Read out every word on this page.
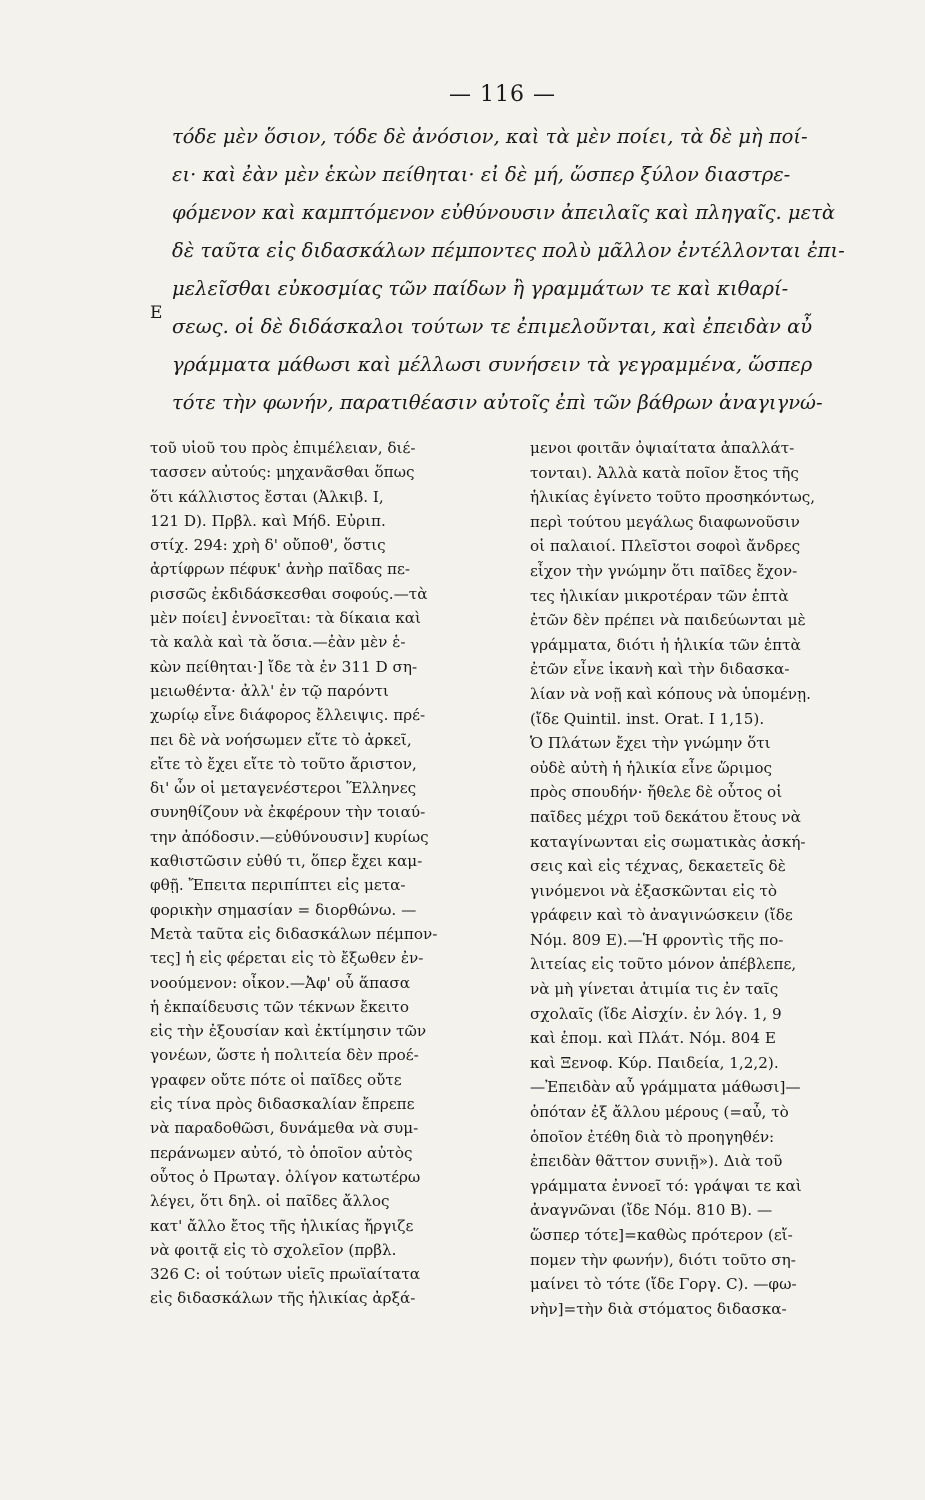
— 116 —
E
τόδε μὲν ὅσιον, τόδε δὲ ἀνόσιον, καὶ τὰ μὲν ποίει, τὰ δὲ μὴ ποί-
ει· καὶ ἐὰν μὲν ἑκὼν πείθηται· εἰ δὲ μή, ὥσπερ ξύλον διαστρε-
φόμενον καὶ καμπτόμενον εὐθύνουσιν ἀπειλαῖς καὶ πληγαῖς. μετὰ
δὲ ταῦτα εἰς διδασκάλων πέμποντες πολὺ μᾶλλον ἐντέλλονται ἐπι-
μελεῖσθαι εὐκοσμίας τῶν παίδων ἢ γραμμάτων τε καὶ κιθαρί-
σεως. οἱ δὲ διδάσκαλοι τούτων τε ἐπιμελοῦνται, καὶ ἐπειδὰν αὖ
γράμματα μάθωσι καὶ μέλλωσι συνήσειν τὰ γεγραμμένα, ὥσπερ
τότε τὴν φωνήν, παρατιθέασιν αὐτοῖς ἐπὶ τῶν βάθρων ἀναγιγνώ-
τοῦ υἱοῦ του πρὸς ἐπιμέλειαν, διέ-
τασσεν αὐτούς: μηχανᾶσθαι ὅπως
ὅτι κάλλιστος ἔσται (Ἀλκιβ. I,
121 D). Πρβλ. καὶ Μήδ. Εὐριπ.
στίχ. 294: χρὴ δ' οὔποθ', ὅστις
ἀρτίφρων πέφυκ' ἀνὴρ παῖδας πε-
ρισσῶς ἐκδιδάσκεσθαι σοφούς.—τὰ
μὲν ποίει] ἐννοεῖται: τὰ δίκαια καὶ
τὰ καλὰ καὶ τὰ ὅσια.—ἐὰν μὲν ἑ-
κὼν πείθηται·] ἴδε τὰ ἐν 311 D ση-
μειωθέντα· ἀλλ' ἐν τῷ παρόντι
χωρίῳ εἶνε διάφορος ἔλλειψις. πρέ-
πει δὲ νὰ νοήσωμεν εἴτε τὸ ἀρκεῖ,
εἴτε τὸ ἔχει εἴτε τὸ τοῦτο ἄριστον,
δι' ὧν οἱ μεταγενέστεροι Ἕλληνες
συνηθίζουν νὰ ἐκφέρουν τὴν τοιαύ-
την ἀπόδοσιν.—εὐθύνουσιν] κυρίως
καθιστῶσιν εὐθύ τι, ὅπερ ἔχει καμ-
φθῇ. Ἔπειτα περιπίπτει εἰς μετα-
φορικὴν σημασίαν = διορθώνω. —
Μετὰ ταῦτα εἰς διδασκάλων πέμπον-
τες] ἡ εἰς φέρεται εἰς τὸ ἔξωθεν ἐν-
νοούμενον: οἶκον.—Ἀφ' οὗ ἅπασα
ἡ ἐκπαίδευσις τῶν τέκνων ἔκειτο
εἰς τὴν ἐξουσίαν καὶ ἐκτίμησιν τῶν
γονέων, ὥστε ἡ πολιτεία δὲν προέ-
γραφεν οὔτε πότε οἱ παῖδες οὔτε
εἰς τίνα πρὸς διδασκαλίαν ἔπρεπε
νὰ παραδοθῶσι, δυνάμεθα νὰ συμ-
περάνωμεν αὐτό, τὸ ὁποῖον αὐτὸς
οὗτος ὁ Πρωταγ. ὀλίγον κατωτέρω
λέγει, ὅτι δηλ. οἱ παῖδες ἄλλος
κατ' ἄλλο ἔτος τῆς ἡλικίας ἤργιζε
νὰ φοιτᾷ εἰς τὸ σχολεῖον (πρβλ.
326 C: οἱ τούτων υἱεῖς πρωϊαίτατα
εἰς διδασκάλων τῆς ἡλικίας ἀρξά-
μενοι φοιτᾶν ὀψιαίτατα ἀπαλλάτ-
τονται). Ἀλλὰ κατὰ ποῖον ἔτος τῆς
ἡλικίας ἐγίνετο τοῦτο προσηκόντως,
περὶ τούτου μεγάλως διαφωνοῦσιν
οἱ παλαιοί. Πλεῖστοι σοφοὶ ἄνδρες
εἶχον τὴν γνώμην ὅτι παῖδες ἔχον-
τες ἡλικίαν μικροτέραν τῶν ἑπτὰ
ἐτῶν δὲν πρέπει νὰ παιδεύωνται μὲ
γράμματα, διότι ἡ ἡλικία τῶν ἑπτὰ
ἐτῶν εἶνε ἱκανὴ καὶ τὴν διδασκα-
λίαν νὰ νοῇ καὶ κόπους νὰ ὑπομένῃ.
(ἴδε Quintil. inst. Orat. I 1,15).
Ὁ Πλάτων ἔχει τὴν γνώμην ὅτι
οὐδὲ αὐτὴ ἡ ἡλικία εἶνε ὥριμος
πρὸς σπουδήν· ἤθελε δὲ οὗτος οἱ
παῖδες μέχρι τοῦ δεκάτου ἔτους νὰ
καταγίνωνται εἰς σωματικὰς ἀσκή-
σεις καὶ εἰς τέχνας, δεκαετεῖς δὲ
γινόμενοι νὰ ἐξασκῶνται εἰς τὸ
γράφειν καὶ τὸ ἀναγινώσκειν (ἴδε
Νόμ. 809 E).—Ἡ φροντὶς τῆς πο-
λιτείας εἰς τοῦτο μόνον ἀπέβλεπε,
νὰ μὴ γίνεται ἀτιμία τις ἐν ταῖς
σχολαῖς (ἴδε Αἰσχίν. ἐν λόγ. 1, 9
καὶ ἑπομ. καὶ Πλάτ. Νόμ. 804 E
καὶ Ξενοφ. Κύρ. Παιδεία, 1,2,2).
—Ἐπειδὰν αὖ γράμματα μάθωσι]—
ὁπόταν ἐξ ἄλλου μέρους (=αὖ, τὸ
ὁποῖον ἐτέθη διὰ τὸ προηγηθέν:
ἐπειδὰν θᾶττον συνιῇ»). Διὰ τοῦ
γράμματα ἐννοεῖ τό: γράψαι τε καὶ
ἀναγνῶναι (ἴδε Νόμ. 810 B). —
ὥσπερ τότε]=καθὼς πρότερον (εἴ-
πομεν τὴν φωνήν), διότι τοῦτο ση-
μαίνει τὸ τότε (ἴδε Γοργ. C). —φω-
νὴν]=τὴν διὰ στόματος διδασκα-
